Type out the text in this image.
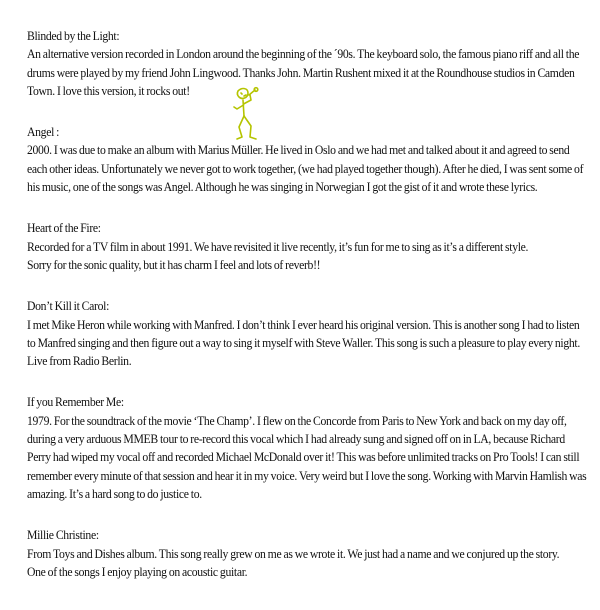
Blinded by the Light:
An alternative version recorded in London around the beginning of the ´90s. The keyboard solo, the famous piano riff and all the drums were played by my friend John Lingwood. Thanks John. Martin Rushent mixed it at the Roundhouse studios in Camden Town. I love this version, it rocks out!
Angel :
2000. I was due to make an album with Marius Müller. He lived in Oslo and we had met and talked about it and agreed to send each other ideas. Unfortunately we never got to work together, (we had played together though). After he died, I was sent some of his music, one of the songs was Angel. Although he was singing in Norwegian I got the gist of it and wrote these lyrics.
Heart of the Fire:
Recorded for a TV film in about 1991. We have revisited it live recently, it’s fun for me to sing as it’s a different style.
Sorry for the sonic quality, but it has charm I feel and lots of reverb!!
Don’t Kill it Carol:
I met Mike Heron while working with Manfred. I don’t think I ever heard his original version. This is another song I had to listen to Manfred singing and then figure out a way to sing it myself with Steve Waller. This song is such a pleasure to play every night. Live from Radio Berlin.
If you Remember Me:
1979. For the soundtrack of the movie ‘The Champ’. I flew on the Concorde from Paris to New York and back on my day off, during a very arduous MMEB tour to re-record this vocal which I had already sung and signed off on in LA, because Richard Perry had wiped my vocal off and recorded Michael McDonald over it! This was before unlimited tracks on Pro Tools! I can still remember every minute of that session and hear it in my voice. Very weird but I love the song. Working with Marvin Hamlish was amazing. It’s a hard song to do justice to.
Millie Christine:
From Toys and Dishes album. This song really grew on me as we wrote it. We just had a name and we conjured up the story.
One of the songs I enjoy playing on acoustic guitar.
